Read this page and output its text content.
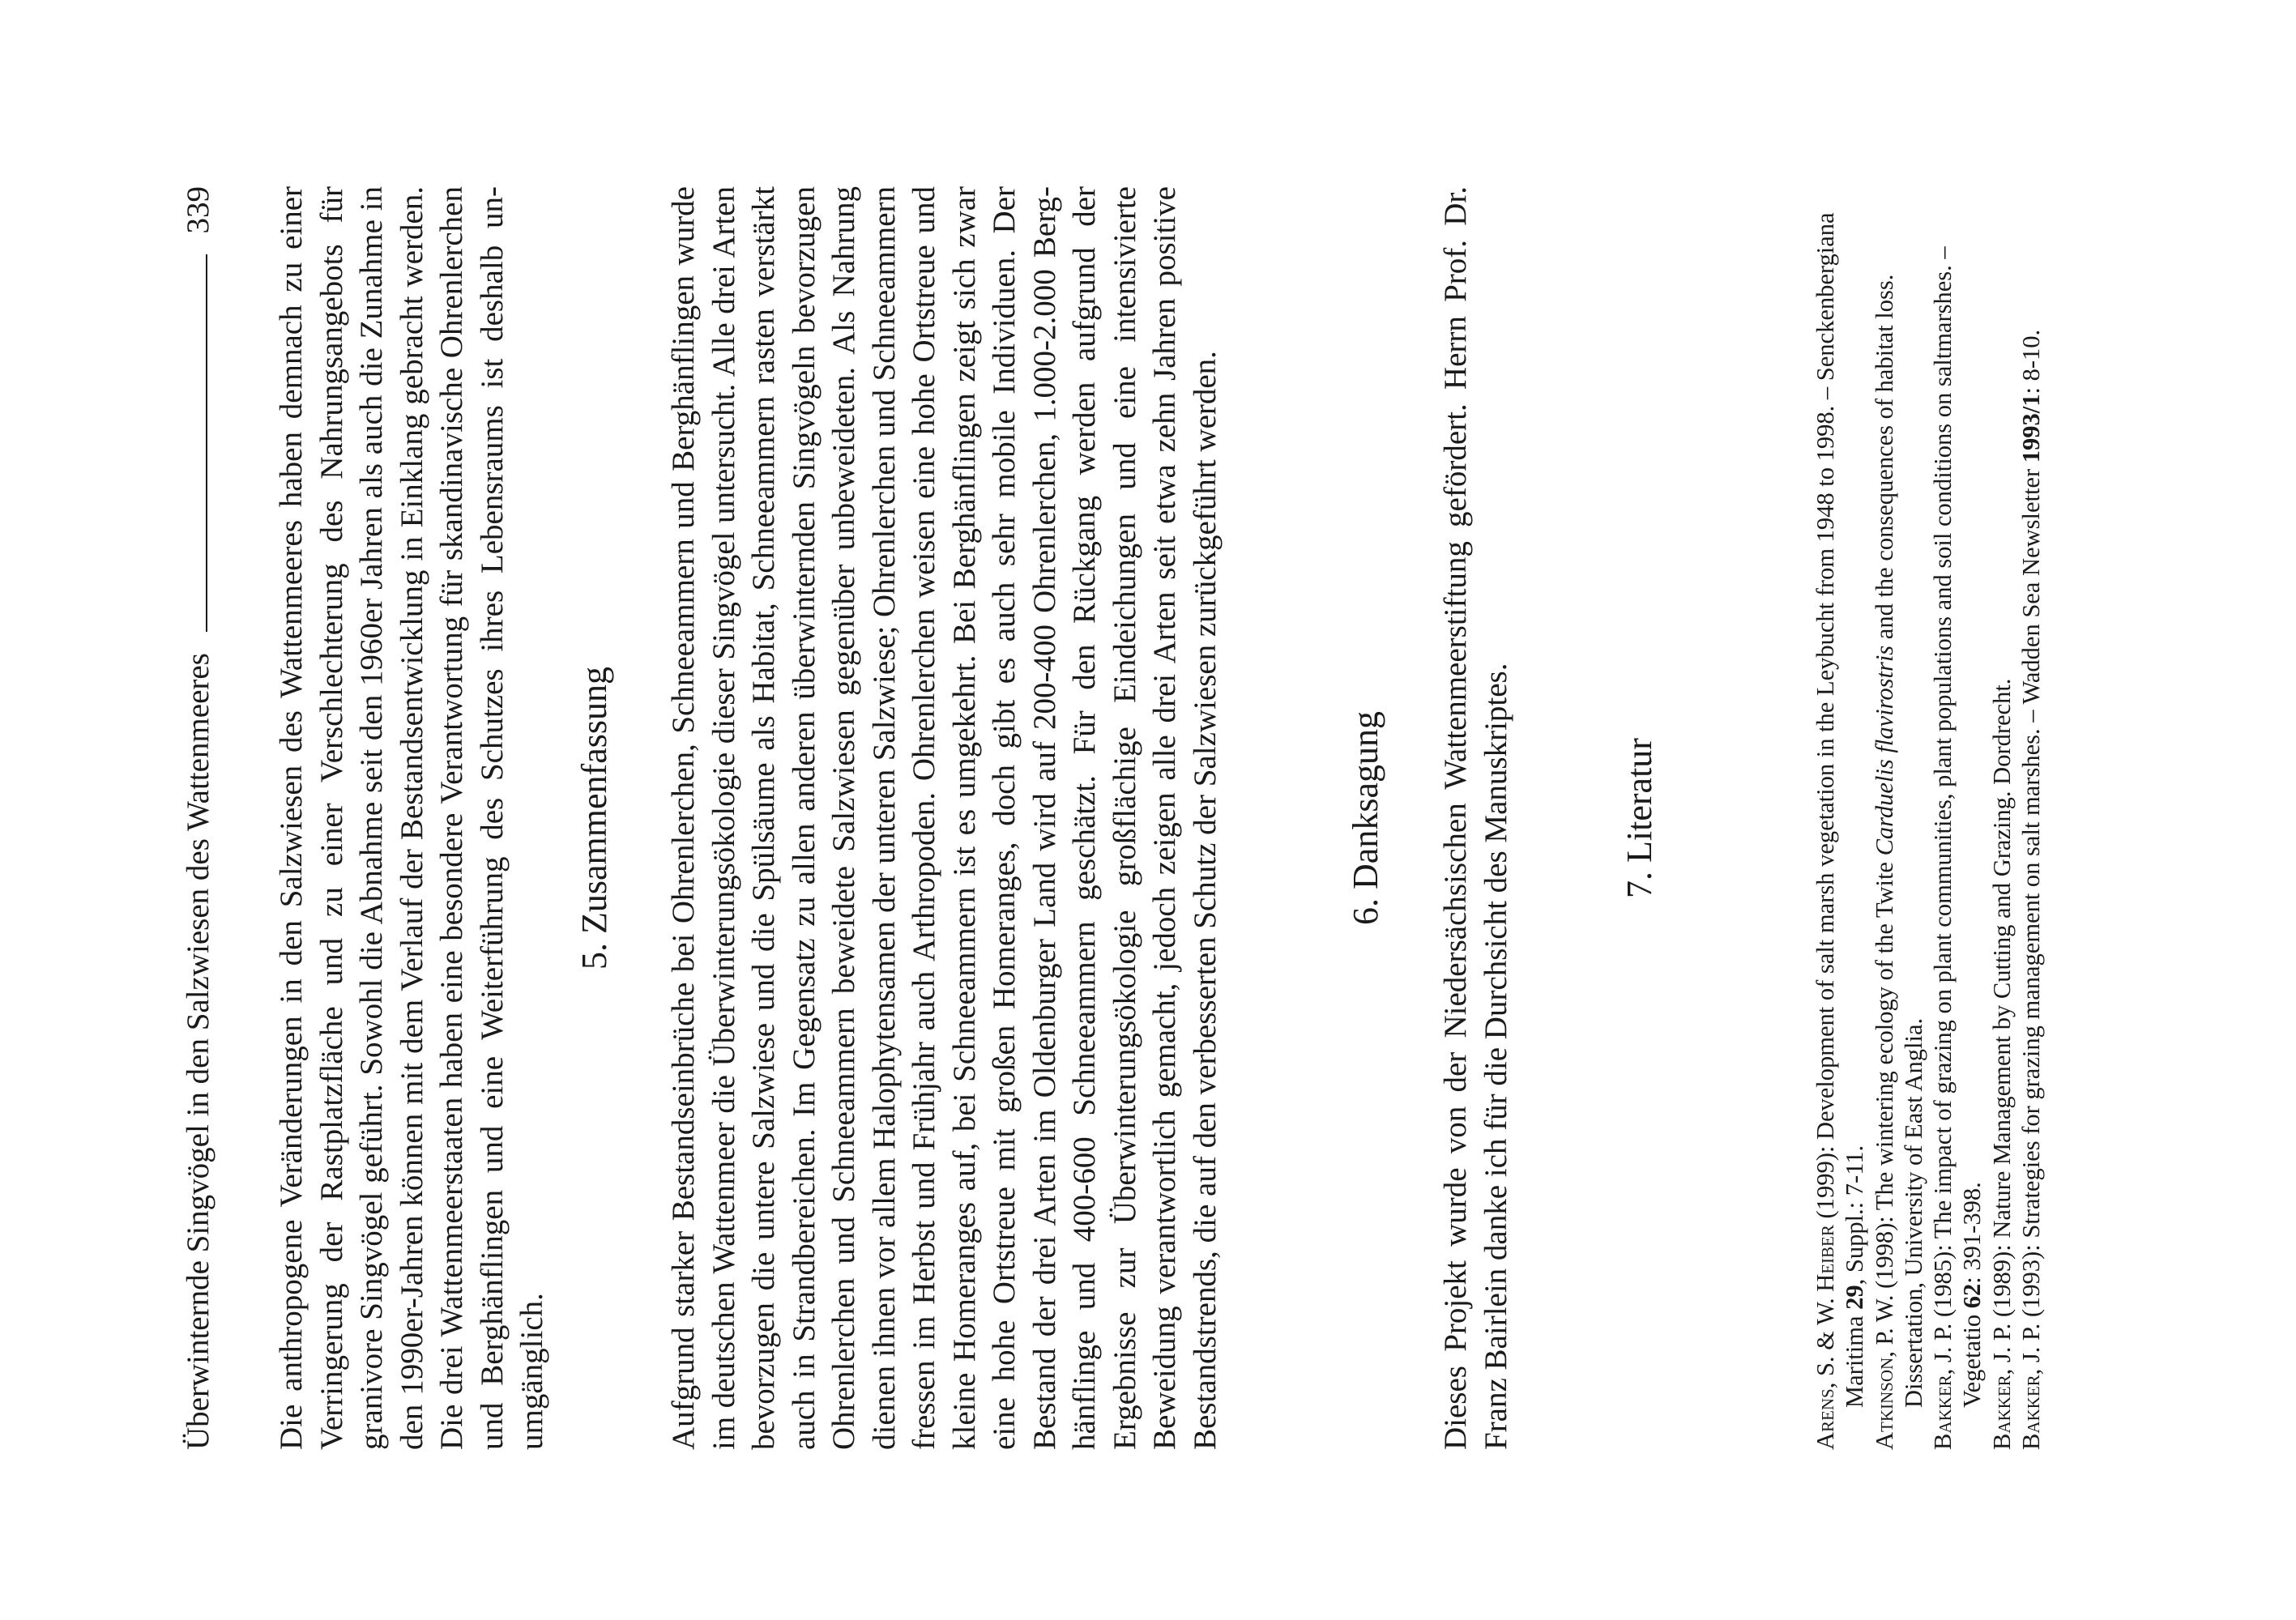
Überwinternde Singvögel in den Salzwiesen des Wattenmeeres
339 Die anthropogene Veränderungen in den Salzwiesen des Wattenmeeres haben demnach zu einer Verringerung der Rastplatzfläche und zu einer Verschlechterung des Nahrungsangebots für granivore Singvögel geführt. Sowohl die Abnahme seit den 1960er Jahren als auch die Zunahme in den 1990er-Jahren können mit dem Verlauf der Bestandsentwicklung in Einklang gebracht werden. Die drei Wattenmeerstaaten haben eine besondere Verantwortung für skandinavische Ohrenlerchen und Berghänflingen und eine Weiterführung des Schutzes ihres Lebensraums ist deshalb unumgänglich.

5. Zusammenfassung Aufgrund starker Bestandseinbrüche bei Ohrenlerchen, Schneeammern und Berghänflingen wurde im deutschen Wattenmeer die Überwinterungsökologie dieser Singvögel untersucht. Alle drei Arten bevorzugen die untere Salzwiese und die Spülsäume als Habitat, Schneeammern rasten verstärkt auch in Strandbereichen. Im Gegensatz zu allen anderen überwinternden Singvögeln bevorzugen Ohrenlerchen und Schneeammern beweidete Salzwiesen gegenüber unbeweideten. Als Nahrung dienen ihnen vor allem Halophytensamen der unteren Salzwiese; Ohrenlerchen und Schneeammern fressen im Herbst und Frühjahr auch Arthropoden. Ohrenlerchen weisen eine hohe Ortstreue und kleine Homeranges auf, bei Schneeammern ist es umgekehrt. Bei Berghänflingen zeigt sich zwar eine hohe Ortstreue mit großen Homeranges, doch gibt es auch sehr mobile Individuen. Der Bestand der drei Arten im Oldenburger Land wird auf 200-400 Ohrenlerchen, 1.000-2.000 Berghänflinge und 400-600 Schneeammern geschätzt. Für den Rückgang werden aufgrund der Ergebnisse zur Überwinterungsökologie großflächige Eindeichungen und eine intensivierte Beweidung verantwortlich gemacht, jedoch zeigen alle drei Arten seit etwa zehn Jahren positive Bestandstrends, die auf den verbesserten Schutz der Salzwiesen zurückgeführt werden.	6. Danksagung Dieses Projekt wurde von der Niedersächsischen Wattenmeerstiftung gefördert. Herrn Prof. Dr. Franz Bairlein danke ich für die Durchsicht des Manuskriptes.	7. Literatur
Arens, S. & W. Heiber (1999): Development of salt marsh vegetation in the Leybucht from 1948 to 1998. – Senckenbergiana Maritima 29, Suppl.: 7-11.
Atkinson, P. W. (1998): The wintering ecology of the Twite Carduelis flavirostris and the consequences of habitat loss. Dissertation, University of East Anglia. Bakker, J. P. (1985): The impact of grazing on plant communities, plant populations and soil conditions on saltmarshes. – Vegetatio 62: 391-398.
Bakker, J. P. (1989): Nature Management by Cutting and Grazing. Dordrecht.
Bakker, J. P. (1993): Strategies for grazing management on salt marshes. – Wadden Sea Newsletter 1993/1: 8-10.
